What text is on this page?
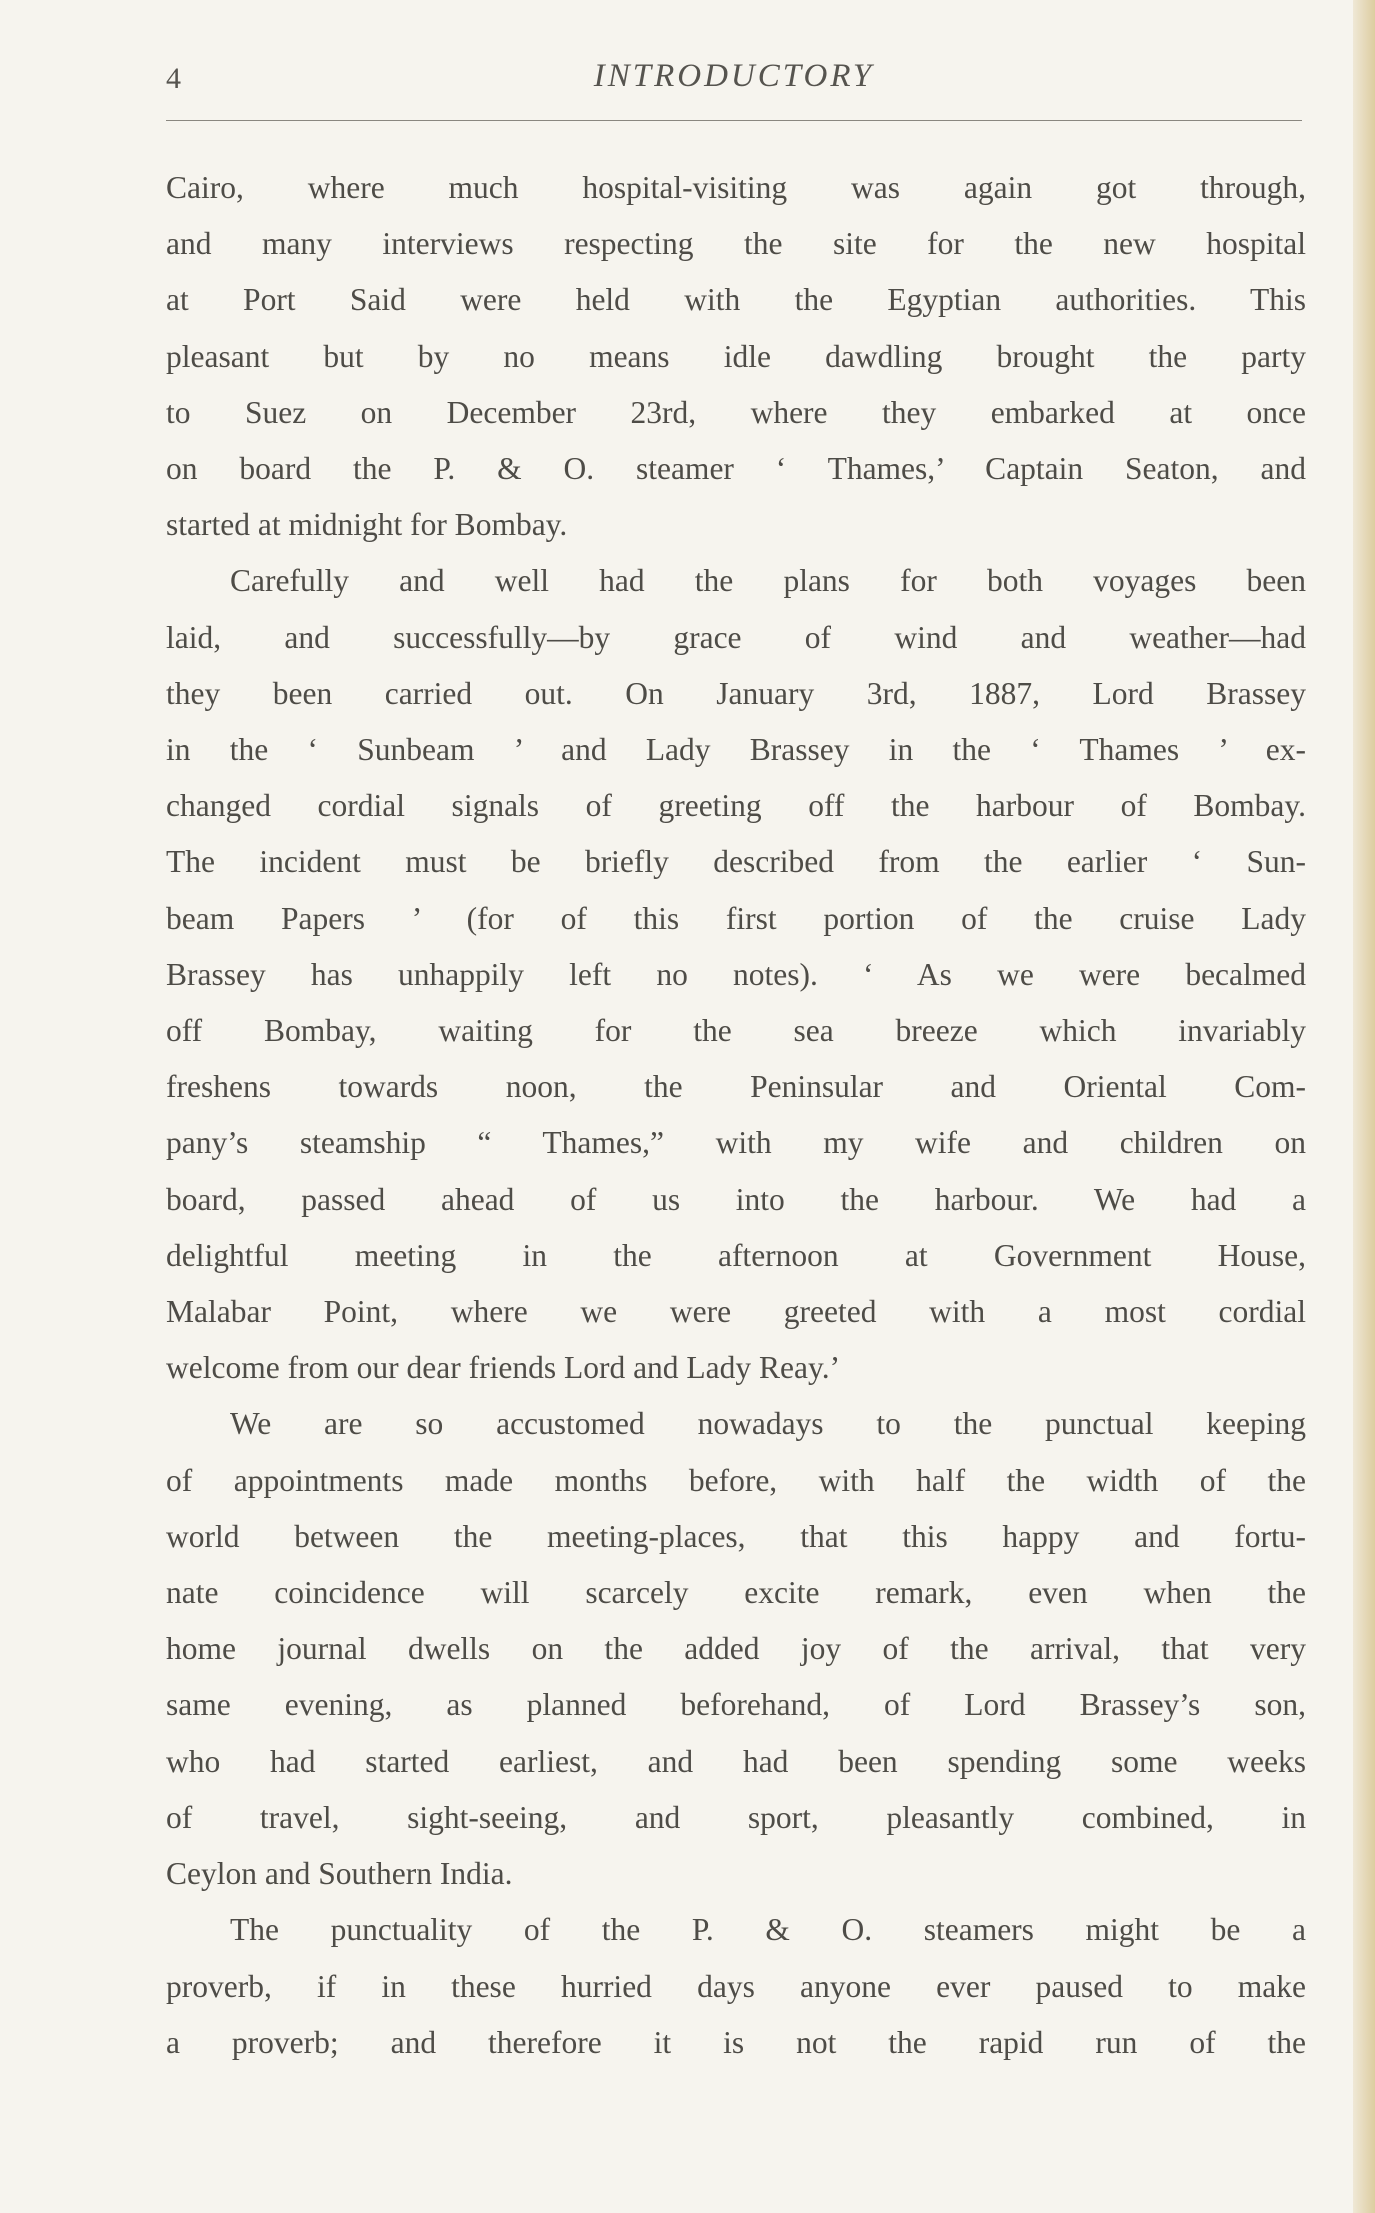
4	INTRODUCTORY

Cairo, where much hospital-visiting was again got through,
and many interviews respecting the site for the new hospital
at Port Said were held with the Egyptian authorities. This
pleasant but by no means idle dawdling brought the party
to Suez on December 23rd, where they embarked at once
on board the P. & O. steamer ‘ Thames,’ Captain Seaton, and
started at midnight for Bombay.

Carefully and well had the plans for both voyages been
laid, and successfully—by grace of wind and weather—had
they been carried out. On January 3rd, 1887, Lord Brassey
in the ‘ Sunbeam ’ and Lady Brassey in the ‘ Thames ’ ex-
changed cordial signals of greeting off the harbour of Bombay.
The incident must be briefly described from the earlier ‘ Sun-
beam Papers ’ (for of this first portion of the cruise Lady
Brassey has unhappily left no notes). ‘ As we were becalmed
off Bombay, waiting for the sea breeze which invariably
freshens towards noon, the Peninsular and Oriental Com-
pany’s steamship “ Thames,” with my wife and children on
board, passed ahead of us into the harbour. We had a
delightful meeting in the afternoon at Government House,
Malabar Point, where we were greeted with a most cordial
welcome from our dear friends Lord and Lady Reay.’

We are so accustomed nowadays to the punctual keeping
of appointments made months before, with half the width of the
world between the meeting-places, that this happy and fortu-
nate coincidence will scarcely excite remark, even when the
home journal dwells on the added joy of the arrival, that very
same evening, as planned beforehand, of Lord Brassey’s son,
who had started earliest, and had been spending some weeks
of travel, sight-seeing, and sport, pleasantly combined, in
Ceylon and Southern India.

The punctuality of the P. & O. steamers might be a
proverb, if in these hurried days anyone ever paused to make
a proverb; and therefore it is not the rapid run of the
